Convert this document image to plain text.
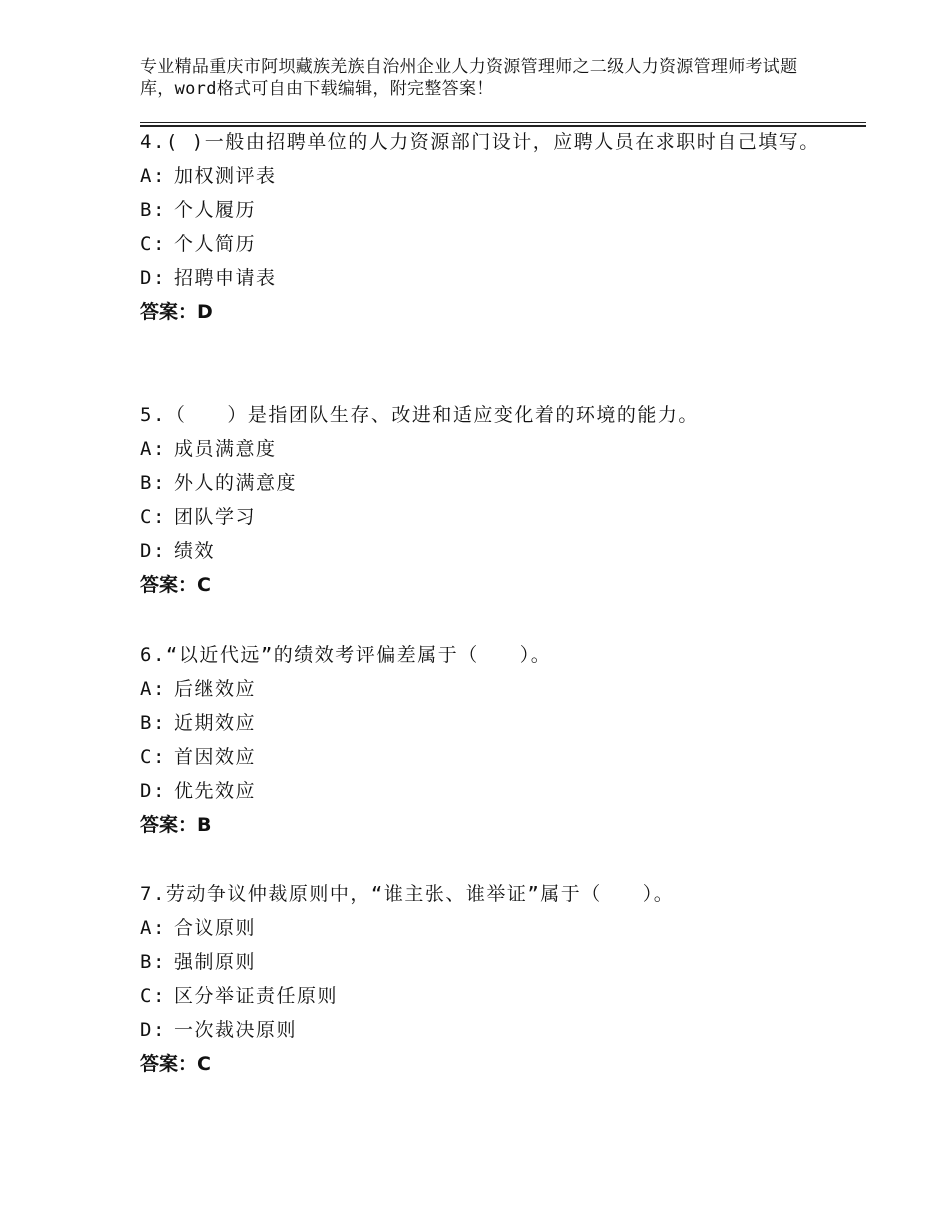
专业精品重庆市阿坝藏族羌族自治州企业人力资源管理师之二级人力资源管理师考试题库，word格式可自由下载编辑，附完整答案！

4.( )一般由招聘单位的人力资源部门设计，应聘人员在求职时自己填写。

A: 加权测评表
B: 个人履历
C: 个人简历
D: 招聘申请表

答案：D

5.（　　）是指团队生存、改进和适应变化着的环境的能力。

A: 成员满意度
B: 外人的满意度
C: 团队学习
D: 绩效

答案：C

6.“以近代远”的绩效考评偏差属于（　　）。

A: 后继效应
B: 近期效应
C: 首因效应
D: 优先效应

答案：B

7.劳动争议仲裁原则中，“谁主张、谁举证”属于（　　）。

A: 合议原则
B: 强制原则
C: 区分举证责任原则
D: 一次裁决原则

答案：C
